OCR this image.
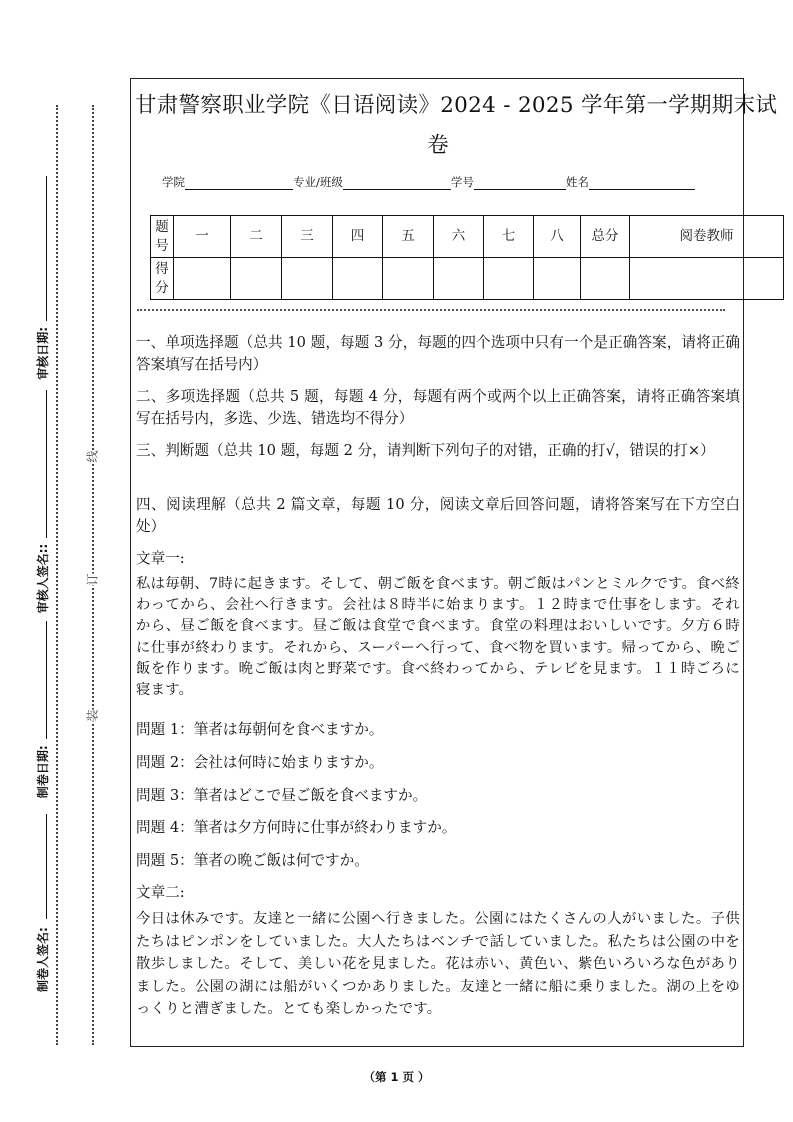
装
订
线
制卷人签名:
制卷日期:
审核人签名::
审核日期:
甘肃警察职业学院《日语阅读》2024 - 2025 学年第一学期期末试
卷
学院	专业/班级	学号	姓名
题号	一	二	三	四	五	六	七	八	总分	阅卷教师
得分										
一、单项选择题（总共 10 题，每题 3 分，每题的四个选项中只有一个是正确答案，请将正确答案填写在括号内）
二、多项选择题（总共 5 题，每题 4 分，每题有两个或两个以上正确答案，请将正确答案填写在括号内，多选、少选、错选均不得分）
三、判断题（总共 10 题，每题 2 分，请判断下列句子的对错，正确的打√，错误的打×）
四、阅读理解（总共 2 篇文章，每题 10 分，阅读文章后回答问题，请将答案写在下方空白处）
文章一:
私は毎朝、7時に起きます。そして、朝ご飯を食べます。朝ご飯はパンとミルクです。食べ終わってから、会社へ行きます。会社は８時半に始まります。１２時まで仕事をします。それから、昼ご飯を食べます。昼ご飯は食堂で食べます。食堂の料理はおいしいです。夕方６時に仕事が終わります。それから、スーパーへ行って、食べ物を買います。帰ってから、晩ご飯を作ります。晩ご飯は肉と野菜です。食べ終わってから、テレビを見ます。１１時ごろに寝ます。
問題 1：筆者は毎朝何を食べますか。
問題 2：会社は何時に始まりますか。
問題 3：筆者はどこで昼ご飯を食べますか。
問題 4：筆者は夕方何時に仕事が終わりますか。
問題 5：筆者の晩ご飯は何ですか。
文章二:
今日は休みです。友達と一緒に公園へ行きました。公園にはたくさんの人がいました。子供たちはピンポンをしていました。大人たちはベンチで話していました。私たちは公園の中を散歩しました。そして、美しい花を見ました。花は赤い、黄色い、紫色いろいろな色がありました。公園の湖には船がいくつかありました。友達と一緒に船に乗りました。湖の上をゆっくりと漕ぎました。とても楽しかったです。
（第 1 页 ）
